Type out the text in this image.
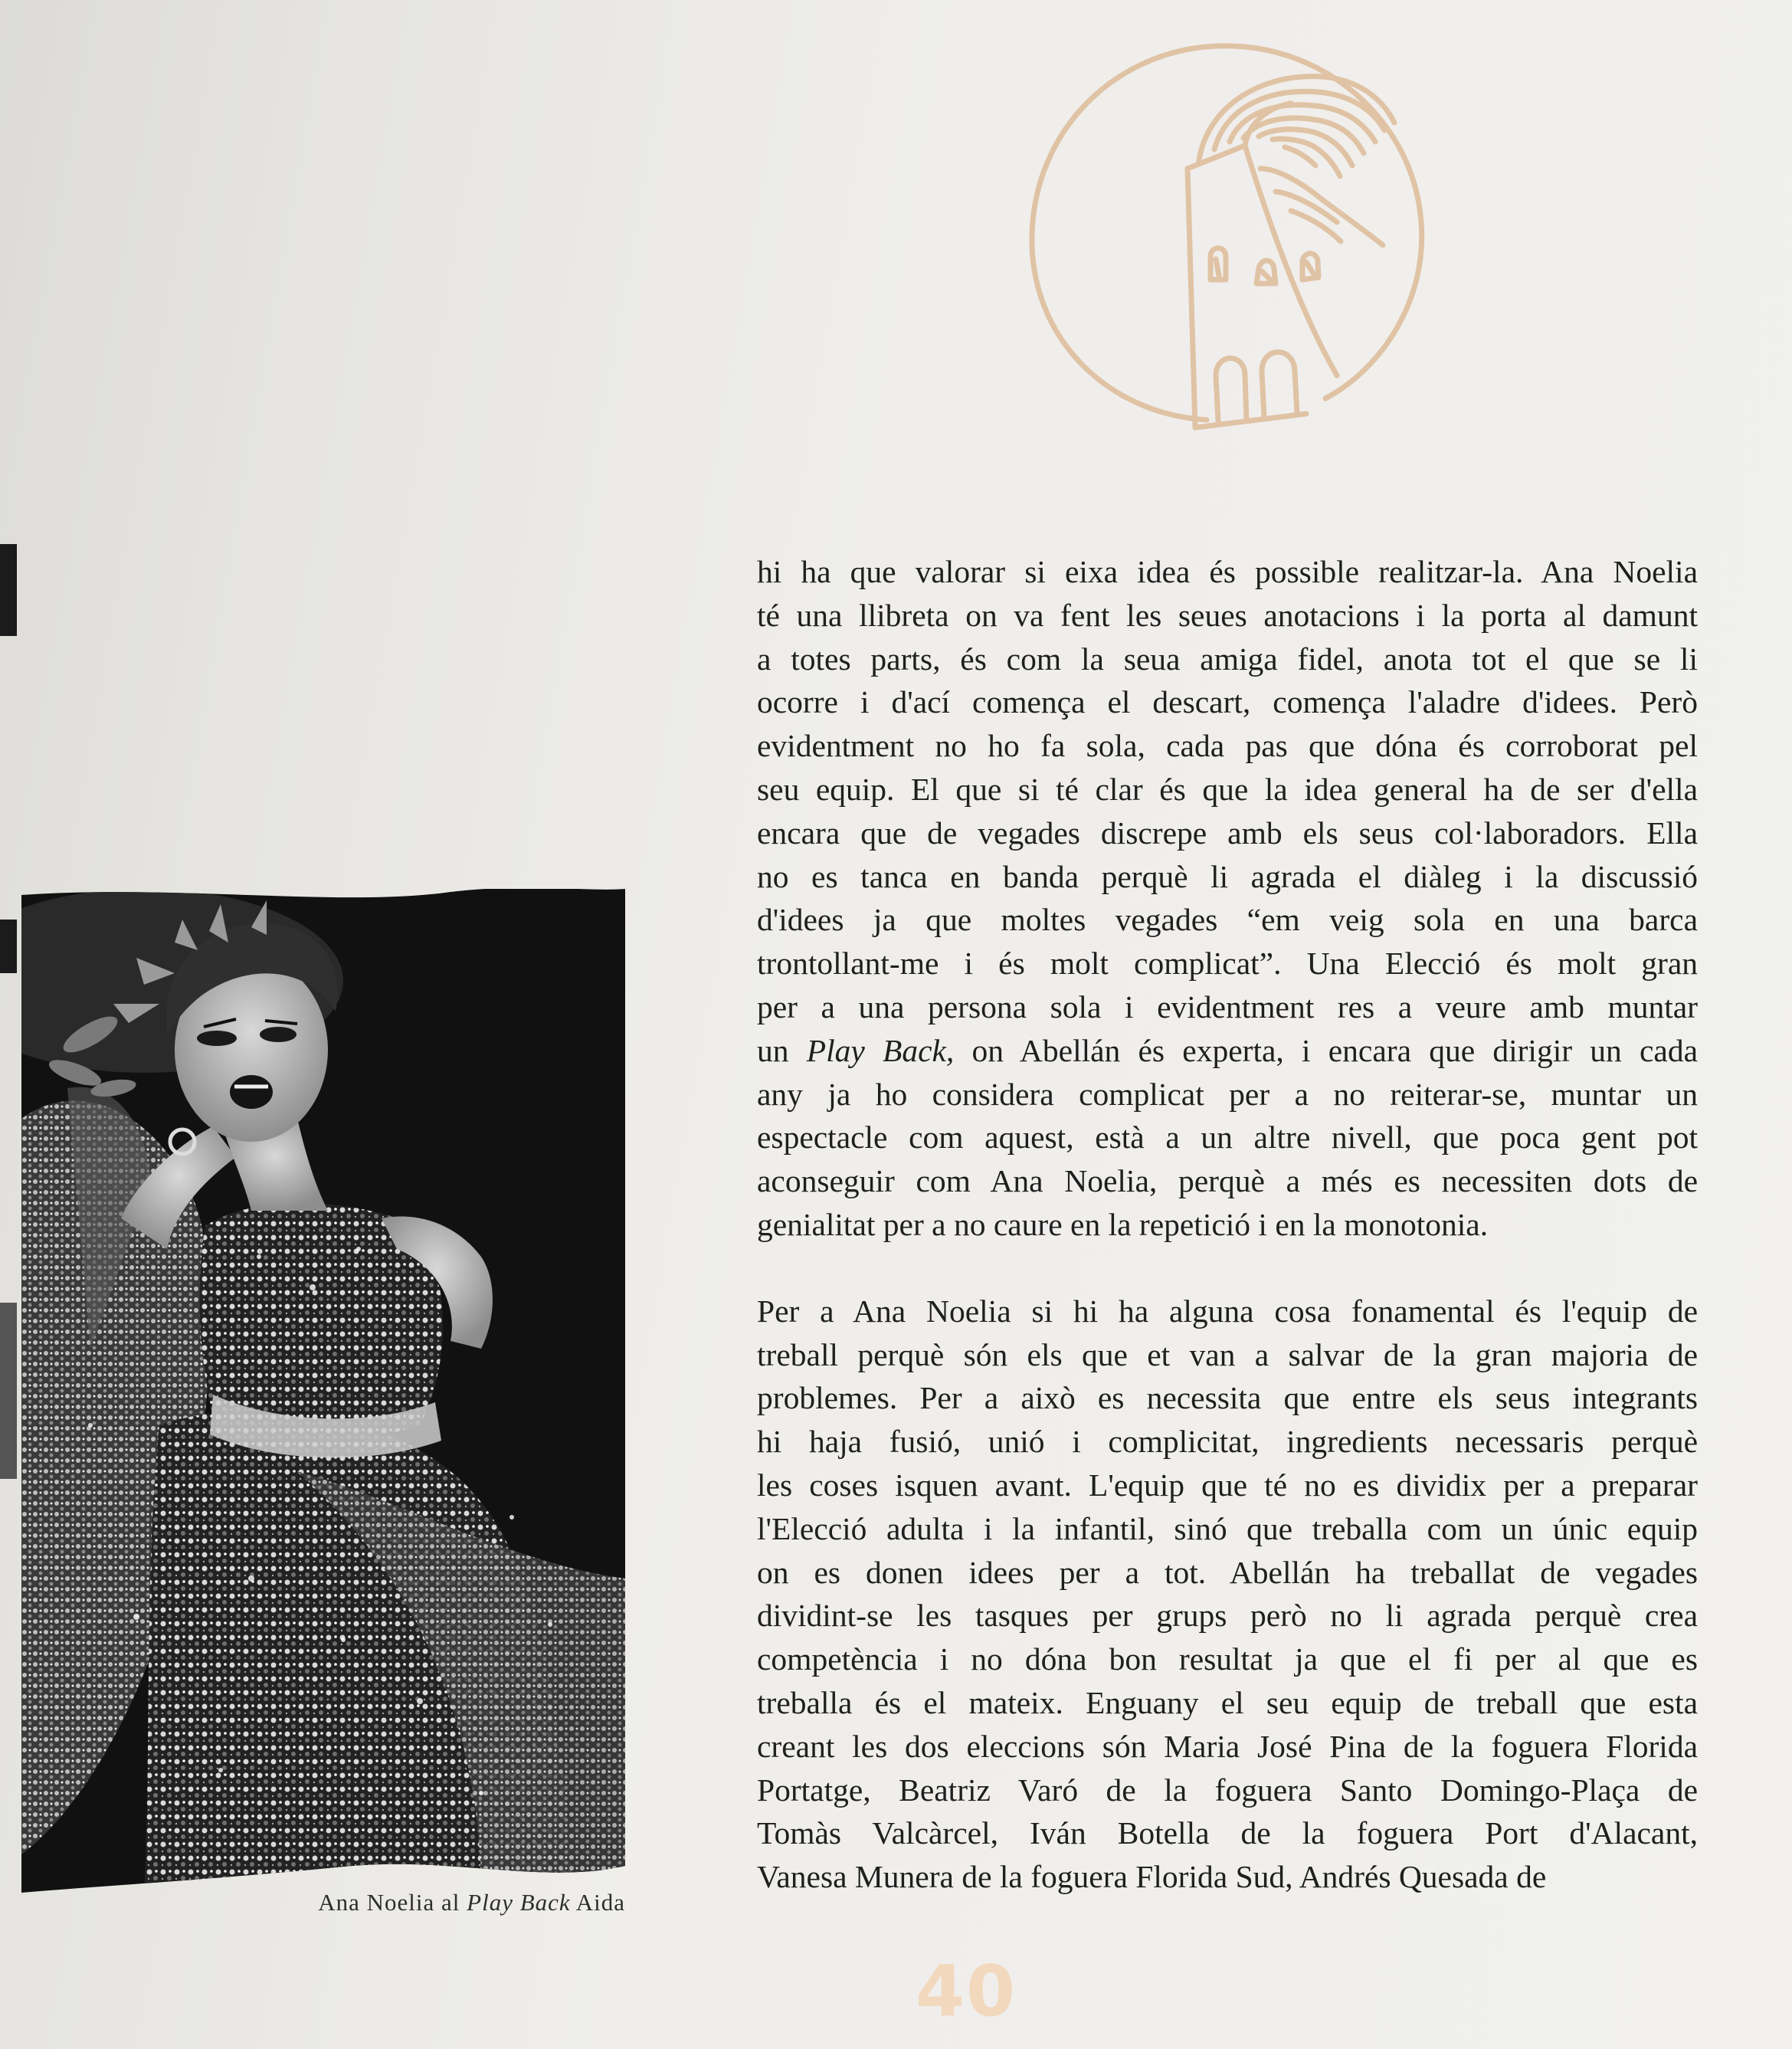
Ana Noelia al Play Back Aida
hi ha que valorar si eixa idea és possible realitzar-la. Ana Noelia
té una llibreta on va fent les seues anotacions i la porta al damunt
a totes parts, és com la seua amiga fidel, anota tot el que se li
ocorre i d'ací comença el descart, comença l'aladre d'idees. Però
evidentment no ho fa sola, cada pas que dóna és corroborat pel
seu equip. El que si té clar és que la idea general ha de ser d'ella
encara que de vegades discrepe amb els seus col·laboradors. Ella
no es tanca en banda perquè li agrada el diàleg i la discussió
d'idees ja que moltes vegades “em veig sola en una barca
trontollant-me i és molt complicat”. Una Elecció és molt gran
per a una persona sola i evidentment res a veure amb muntar
un Play Back, on Abellán és experta, i encara que dirigir un cada
any ja ho considera complicat per a no reiterar-se, muntar un
espectacle com aquest, està a un altre nivell, que poca gent pot
aconseguir com Ana Noelia, perquè a més es necessiten dots de
genialitat per a no caure en la repetició i en la monotonia.
Per a Ana Noelia si hi ha alguna cosa fonamental és l'equip de
treball perquè són els que et van a salvar de la gran majoria de
problemes. Per a això es necessita que entre els seus integrants
hi haja fusió, unió i complicitat, ingredients necessaris perquè
les coses isquen avant. L'equip que té no es dividix per a preparar
l'Elecció adulta i la infantil, sinó que treballa com un únic equip
on es donen idees per a tot. Abellán ha treballat de vegades
dividint-se les tasques per grups però no li agrada perquè crea
competència i no dóna bon resultat ja que el fi per al que es
treballa és el mateix. Enguany el seu equip de treball que esta
creant les dos eleccions són Maria José Pina de la foguera Florida
Portatge, Beatriz Varó de la foguera Santo Domingo-Plaça de
Tomàs Valcàrcel, Iván Botella de la foguera Port d'Alacant,
Vanesa Munera de la foguera Florida Sud, Andrés Quesada de
40
